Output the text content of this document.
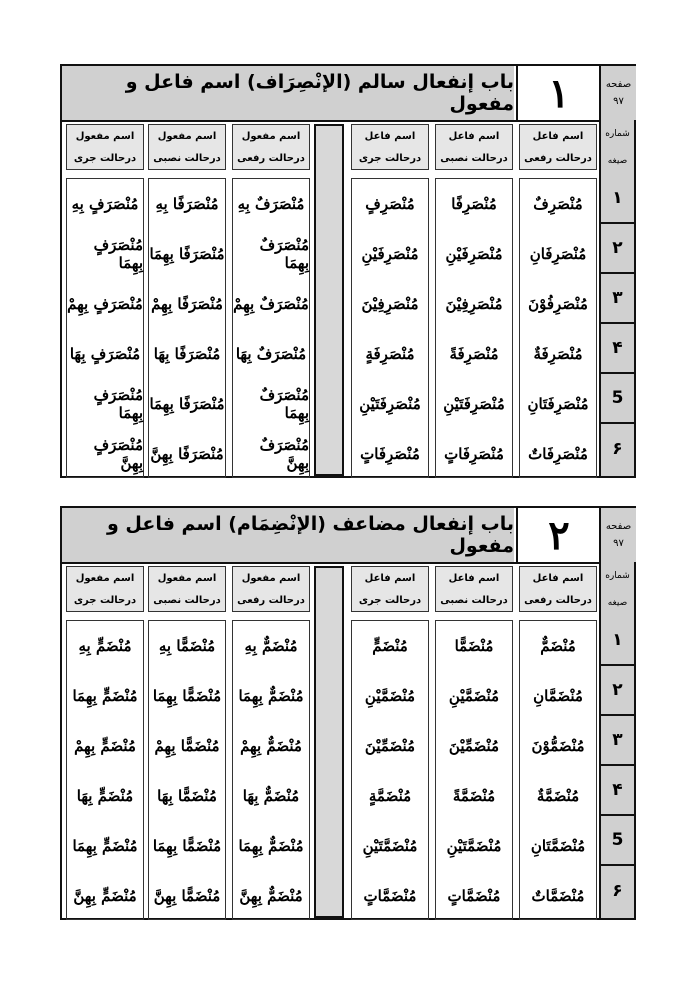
باب إنفعال سالم (الإنْصِرَاف) اسم فاعل و مفعول ۱	صفحه
۹۷
اسم فاعل
درحالت رفعی
اسم فاعل
درحالت نصبی
اسم فاعل
درحالت جری
اسم مفعول
درحالت رفعی
اسم مفعول
درحالت نصبی
اسم مفعول
درحالت جری
شماره
صیغه
مُنْصَرِفٌ
مُنْصَرِفَانِ
مُنْصَرِفُوْنَ
مُنْصَرِفَةٌ
مُنْصَرِفَتَانِ
مُنْصَرِفَاتٌ
مُنْصَرِفًا
مُنْصَرِفَيْنِ
مُنْصَرِفِيْنَ
مُنْصَرِفَةً
مُنْصَرِفَتَيْنِ
مُنْصَرِفَاتٍ
مُنْصَرِفٍ
مُنْصَرِفَيْنِ
مُنْصَرِفِيْنَ
مُنْصَرِفَةٍ
مُنْصَرِفَتَيْنِ
مُنْصَرِفَاتٍ
مُنْصَرَفٌ بِهِ
مُنْصَرَفٌ بِهِمَا
مُنْصَرَفٌ بِهِمْ
مُنْصَرَفٌ بِهَا
مُنْصَرَفٌ بِهِمَا
مُنْصَرَفٌ بِهِنَّ
مُنْصَرَفًا بِهِ
مُنْصَرَفًا بِهِمَا
مُنْصَرَفًا بِهِمْ
مُنْصَرَفًا بِهَا
مُنْصَرَفًا بِهِمَا
مُنْصَرَفًا بِهِنَّ
مُنْصَرَفٍ بِهِ
مُنْصَرَفٍ بِهِمَا
مُنْصَرَفٍ بِهِمْ
مُنْصَرَفٍ بِهَا
مُنْصَرَفٍ بِهِمَا
مُنْصَرَفٍ بِهِنَّ
۱
۲
۳
۴
5
۶
باب إنفعال مضاعف (الإنْضِمَام) اسم فاعل و مفعول ۲	صفحه
۹۷
اسم فاعل
درحالت رفعی
اسم فاعل
درحالت نصبی
اسم فاعل
درحالت جری
اسم مفعول
درحالت رفعی
اسم مفعول
درحالت نصبی
اسم مفعول
درحالت جری
شماره
صیغه
مُنْضَمٌّ
مُنْضَمَّانِ
مُنْضَمُّوْنَ
مُنْضَمَّةٌ
مُنْضَمَّتَانِ
مُنْضَمَّاتٌ
مُنْضَمًّا
مُنْضَمَّيْنِ
مُنْضَمِّيْنَ
مُنْضَمَّةً
مُنْضَمَّتَيْنِ
مُنْضَمَّاتٍ
مُنْضَمٍّ
مُنْضَمَّيْنِ
مُنْضَمِّيْنَ
مُنْضَمَّةٍ
مُنْضَمَّتَيْنِ
مُنْضَمَّاتٍ
مُنْضَمٌّ بِهِ
مُنْضَمٌّ بِهِمَا
مُنْضَمٌّ بِهِمْ
مُنْضَمٌّ بِهَا
مُنْضَمٌّ بِهِمَا
مُنْضَمٌّ بِهِنَّ
مُنْضَمًّا بِهِ
مُنْضَمًّا بِهِمَا
مُنْضَمًّا بِهِمْ
مُنْضَمًّا بِهَا
مُنْضَمًّا بِهِمَا
مُنْضَمًّا بِهِنَّ
مُنْضَمٍّ بِهِ
مُنْضَمٍّ بِهِمَا
مُنْضَمٍّ بِهِمْ
مُنْضَمٍّ بِهَا
مُنْضَمٍّ بِهِمَا
مُنْضَمٍّ بِهِنَّ
۱
۲
۳
۴
5
۶
